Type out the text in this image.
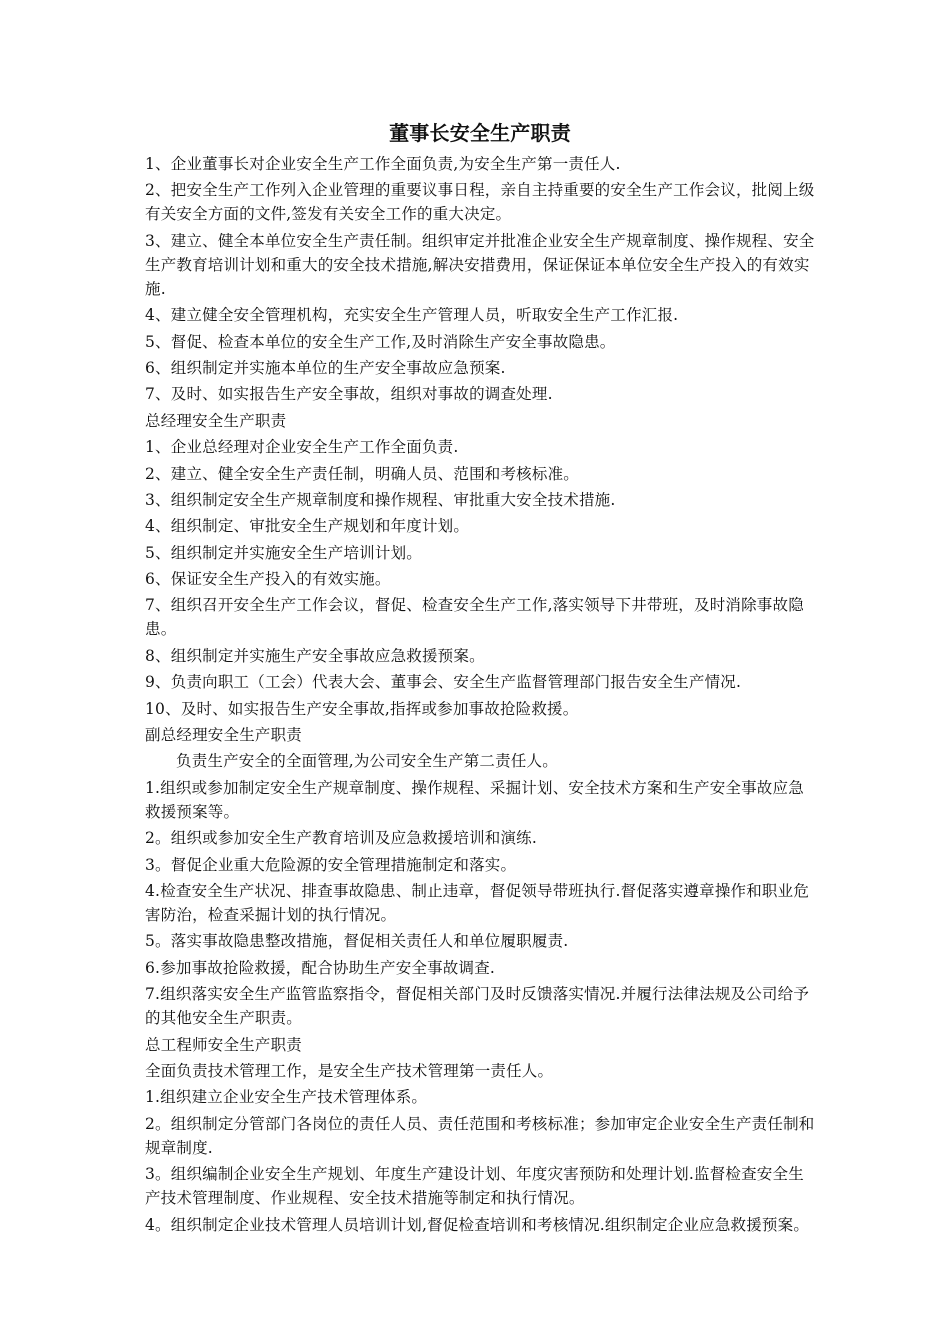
董事长安全生产职责
1、企业董事长对企业安全生产工作全面负责,为安全生产第一责任人.
2、把安全生产工作列入企业管理的重要议事日程，亲自主持重要的安全生产工作会议，批阅上级有关安全方面的文件,签发有关安全工作的重大决定。
3、建立、健全本单位安全生产责任制。组织审定并批准企业安全生产规章制度、操作规程、安全生产教育培训计划和重大的安全技术措施,解决安措费用，保证保证本单位安全生产投入的有效实施.
4、建立健全安全管理机构，充实安全生产管理人员，听取安全生产工作汇报.
5、督促、检查本单位的安全生产工作,及时消除生产安全事故隐患。
6、组织制定并实施本单位的生产安全事故应急预案.
7、及时、如实报告生产安全事故，组织对事故的调查处理.
总经理安全生产职责
1、企业总经理对企业安全生产工作全面负责.
2、建立、健全安全生产责任制，明确人员、范围和考核标准。
3、组织制定安全生产规章制度和操作规程、审批重大安全技术措施.
4、组织制定、审批安全生产规划和年度计划。
5、组织制定并实施安全生产培训计划。
6、保证安全生产投入的有效实施。
7、组织召开安全生产工作会议，督促、检查安全生产工作,落实领导下井带班，及时消除事故隐患。
8、组织制定并实施生产安全事故应急救援预案。
9、负责向职工（工会）代表大会、董事会、安全生产监督管理部门报告安全生产情况.
10、及时、如实报告生产安全事故,指挥或参加事故抢险救援。
副总经理安全生产职责
负责生产安全的全面管理,为公司安全生产第二责任人。
1.组织或参加制定安全生产规章制度、操作规程、采掘计划、安全技术方案和生产安全事故应急救援预案等。
2。组织或参加安全生产教育培训及应急救援培训和演练.
3。督促企业重大危险源的安全管理措施制定和落实。
4.检查安全生产状况、排查事故隐患、制止违章，督促领导带班执行.督促落实遵章操作和职业危害防治，检查采掘计划的执行情况。
5。落实事故隐患整改措施，督促相关责任人和单位履职履责.
6.参加事故抢险救援，配合协助生产安全事故调查.
7.组织落实安全生产监管监察指令，督促相关部门及时反馈落实情况.并履行法律法规及公司给予的其他安全生产职责。
总工程师安全生产职责
全面负责技术管理工作，是安全生产技术管理第一责任人。
1.组织建立企业安全生产技术管理体系。
2。组织制定分管部门各岗位的责任人员、责任范围和考核标准；参加审定企业安全生产责任制和规章制度.
3。组织编制企业安全生产规划、年度生产建设计划、年度灾害预防和处理计划.监督检查安全生产技术管理制度、作业规程、安全技术措施等制定和执行情况。
4。组织制定企业技术管理人员培训计划,督促检查培训和考核情况.组织制定企业应急救援预案。
